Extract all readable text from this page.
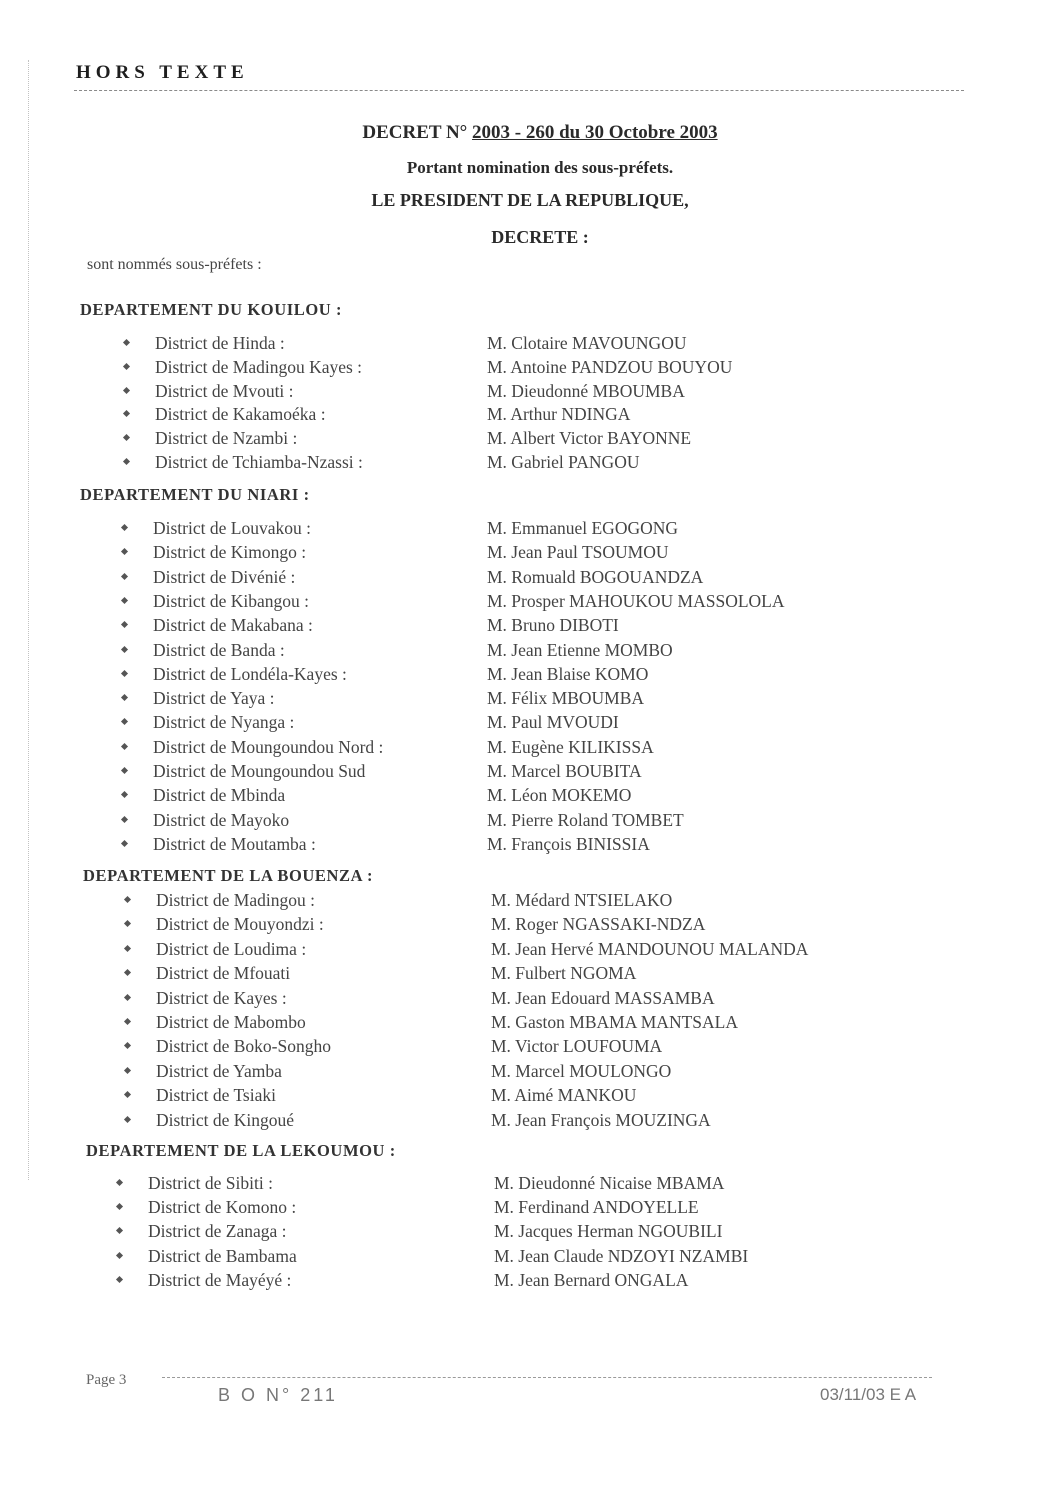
HORS TEXTE
DECRET N° 2003 - 260 du 30 Octobre 2003
Portant nomination des sous-préfets.
LE PRESIDENT DE LA REPUBLIQUE,
DECRETE :
sont nommés sous-préfets :
DEPARTEMENT DU KOUILOU :
District de Hinda :	M. Clotaire MAVOUNGOU
District de Madingou Kayes :	M. Antoine PANDZOU BOUYOU
District de Mvouti :	M. Dieudonné MBOUMBA
District de Kakamoéka :	M. Arthur NDINGA
District de Nzambi :	M. Albert Victor BAYONNE
District de Tchiamba-Nzassi :	M. Gabriel PANGOU
DEPARTEMENT DU NIARI :
District de Louvakou :	M. Emmanuel EGOGONG
District de Kimongo :	M. Jean Paul TSOUMOU
District de Divénié :	M. Romuald BOGOUANDZA
District de Kibangou :	M. Prosper MAHOUKOU MASSOLOLA
District de Makabana :	M. Bruno DIBOTI
District de Banda :	M. Jean Etienne MOMBO
District de Londéla-Kayes :	M. Jean Blaise KOMO
District de Yaya :	M. Félix MBOUMBA
District de Nyanga :	M. Paul MVOUDI
District de Moungoundou Nord :	M. Eugène KILIKISSA
District de Moungoundou Sud	M. Marcel BOUBITA
District de Mbinda	M. Léon MOKEMO
District de Mayoko	M. Pierre Roland TOMBET
District de Moutamba :	M. François BINISSIA
DEPARTEMENT DE LA BOUENZA :
District de Madingou :	M. Médard NTSIELAKO
District de Mouyondzi :	M. Roger NGASSAKI-NDZA
District de Loudima :	M. Jean Hervé MANDOUNOU MALANDA
District de Mfouati	M. Fulbert NGOMA
District de Kayes :	M. Jean Edouard MASSAMBA
District de Mabombo	M. Gaston MBAMA MANTSALA
District de Boko-Songho	M. Victor LOUFOUMA
District de Yamba	M. Marcel MOULONGO
District de Tsiaki	M. Aimé MANKOU
District de Kingoué	M. Jean François MOUZINGA
DEPARTEMENT DE LA LEKOUMOU :
District de Sibiti :	M. Dieudonné Nicaise MBAMA
District de Komono :	M. Ferdinand ANDOYELLE
District de Zanaga :	M. Jacques Herman NGOUBILI
District de Bambama	M. Jean Claude NDZOYI NZAMBI
District de Mayéyé :	M. Jean Bernard ONGALA
Page 3
B O N° 211	03/11/03 E A
